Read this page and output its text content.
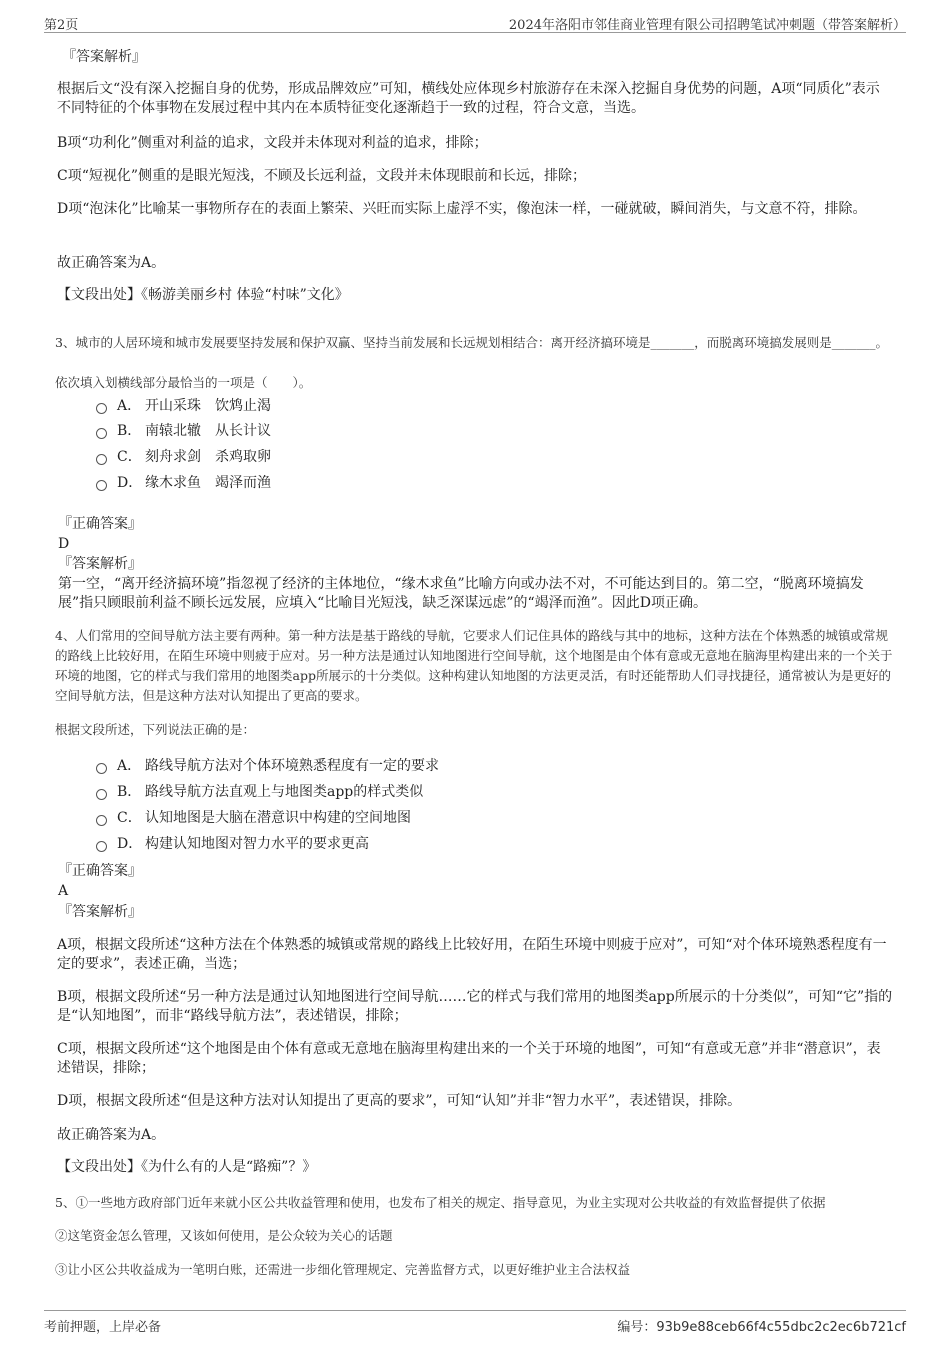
第2页	2024年洛阳市邻佳商业管理有限公司招聘笔试冲刺题（带答案解析）
『答案解析』
根据后文“没有深入挖掘自身的优势，形成品牌效应”可知，横线处应体现乡村旅游存在未深入挖掘自身优势的问题，A项“同质化”表示不同特征的个体事物在发展过程中其内在本质特征变化逐渐趋于一致的过程，符合文意，当选。
B项“功利化”侧重对利益的追求，文段并未体现对利益的追求，排除；
C项“短视化”侧重的是眼光短浅，不顾及长远利益，文段并未体现眼前和长远，排除；
D项“泡沫化”比喻某一事物所存在的表面上繁荣、兴旺而实际上虚浮不实，像泡沫一样，一碰就破，瞬间消失，与文意不符，排除。
故正确答案为A。
【文段出处】《畅游美丽乡村 体验“村味”文化》
3、城市的人居环境和城市发展要坚持发展和保护双赢、坚持当前发展和长远规划相结合：离开经济搞环境是_______，而脱离环境搞发展则是_______。
依次填入划横线部分最恰当的一项是（　　）。
A． 开山采珠　饮鸩止渴
B． 南辕北辙　从长计议
C． 刻舟求剑　杀鸡取卵
D． 缘木求鱼　竭泽而渔
『正确答案』
D
『答案解析』
第一空，“离开经济搞环境”指忽视了经济的主体地位，“缘木求鱼”比喻方向或办法不对，不可能达到目的。第二空，“脱离环境搞发展”指只顾眼前利益不顾长远发展，应填入“比喻目光短浅，缺乏深谋远虑”的“竭泽而渔”。因此D项正确。
4、人们常用的空间导航方法主要有两种。第一种方法是基于路线的导航，它要求人们记住具体的路线与其中的地标，这种方法在个体熟悉的城镇或常规的路线上比较好用，在陌生环境中则疲于应对。另一种方法是通过认知地图进行空间导航，这个地图是由个体有意或无意地在脑海里构建出来的一个关于环境的地图，它的样式与我们常用的地图类app所展示的十分类似。这种构建认知地图的方法更灵活，有时还能帮助人们寻找捷径，通常被认为是更好的空间导航方法，但是这种方法对认知提出了更高的要求。
根据文段所述，下列说法正确的是：
A． 路线导航方法对个体环境熟悉程度有一定的要求
B． 路线导航方法直观上与地图类app的样式类似
C． 认知地图是大脑在潜意识中构建的空间地图
D． 构建认知地图对智力水平的要求更高
『正确答案』
A
『答案解析』
A项，根据文段所述“这种方法在个体熟悉的城镇或常规的路线上比较好用，在陌生环境中则疲于应对”，可知“对个体环境熟悉程度有一定的要求”，表述正确，当选；
B项，根据文段所述“另一种方法是通过认知地图进行空间导航……它的样式与我们常用的地图类app所展示的十分类似”，可知“它”指的是“认知地图”，而非“路线导航方法”，表述错误，排除；
C项，根据文段所述“这个地图是由个体有意或无意地在脑海里构建出来的一个关于环境的地图”，可知“有意或无意”并非“潜意识”，表述错误，排除；
D项，根据文段所述“但是这种方法对认知提出了更高的要求”，可知“认知”并非“智力水平”，表述错误，排除。
故正确答案为A。
【文段出处】《为什么有的人是“路痴”？》
5、①一些地方政府部门近年来就小区公共收益管理和使用，也发布了相关的规定、指导意见，为业主实现对公共收益的有效监督提供了依据
②这笔资金怎么管理，又该如何使用，是公众较为关心的话题
③让小区公共收益成为一笔明白账，还需进一步细化管理规定、完善监督方式，以更好维护业主合法权益
考前押题，上岸必备	编号：93b9e88ceb66f4c55dbc2c2ec6b721cf
